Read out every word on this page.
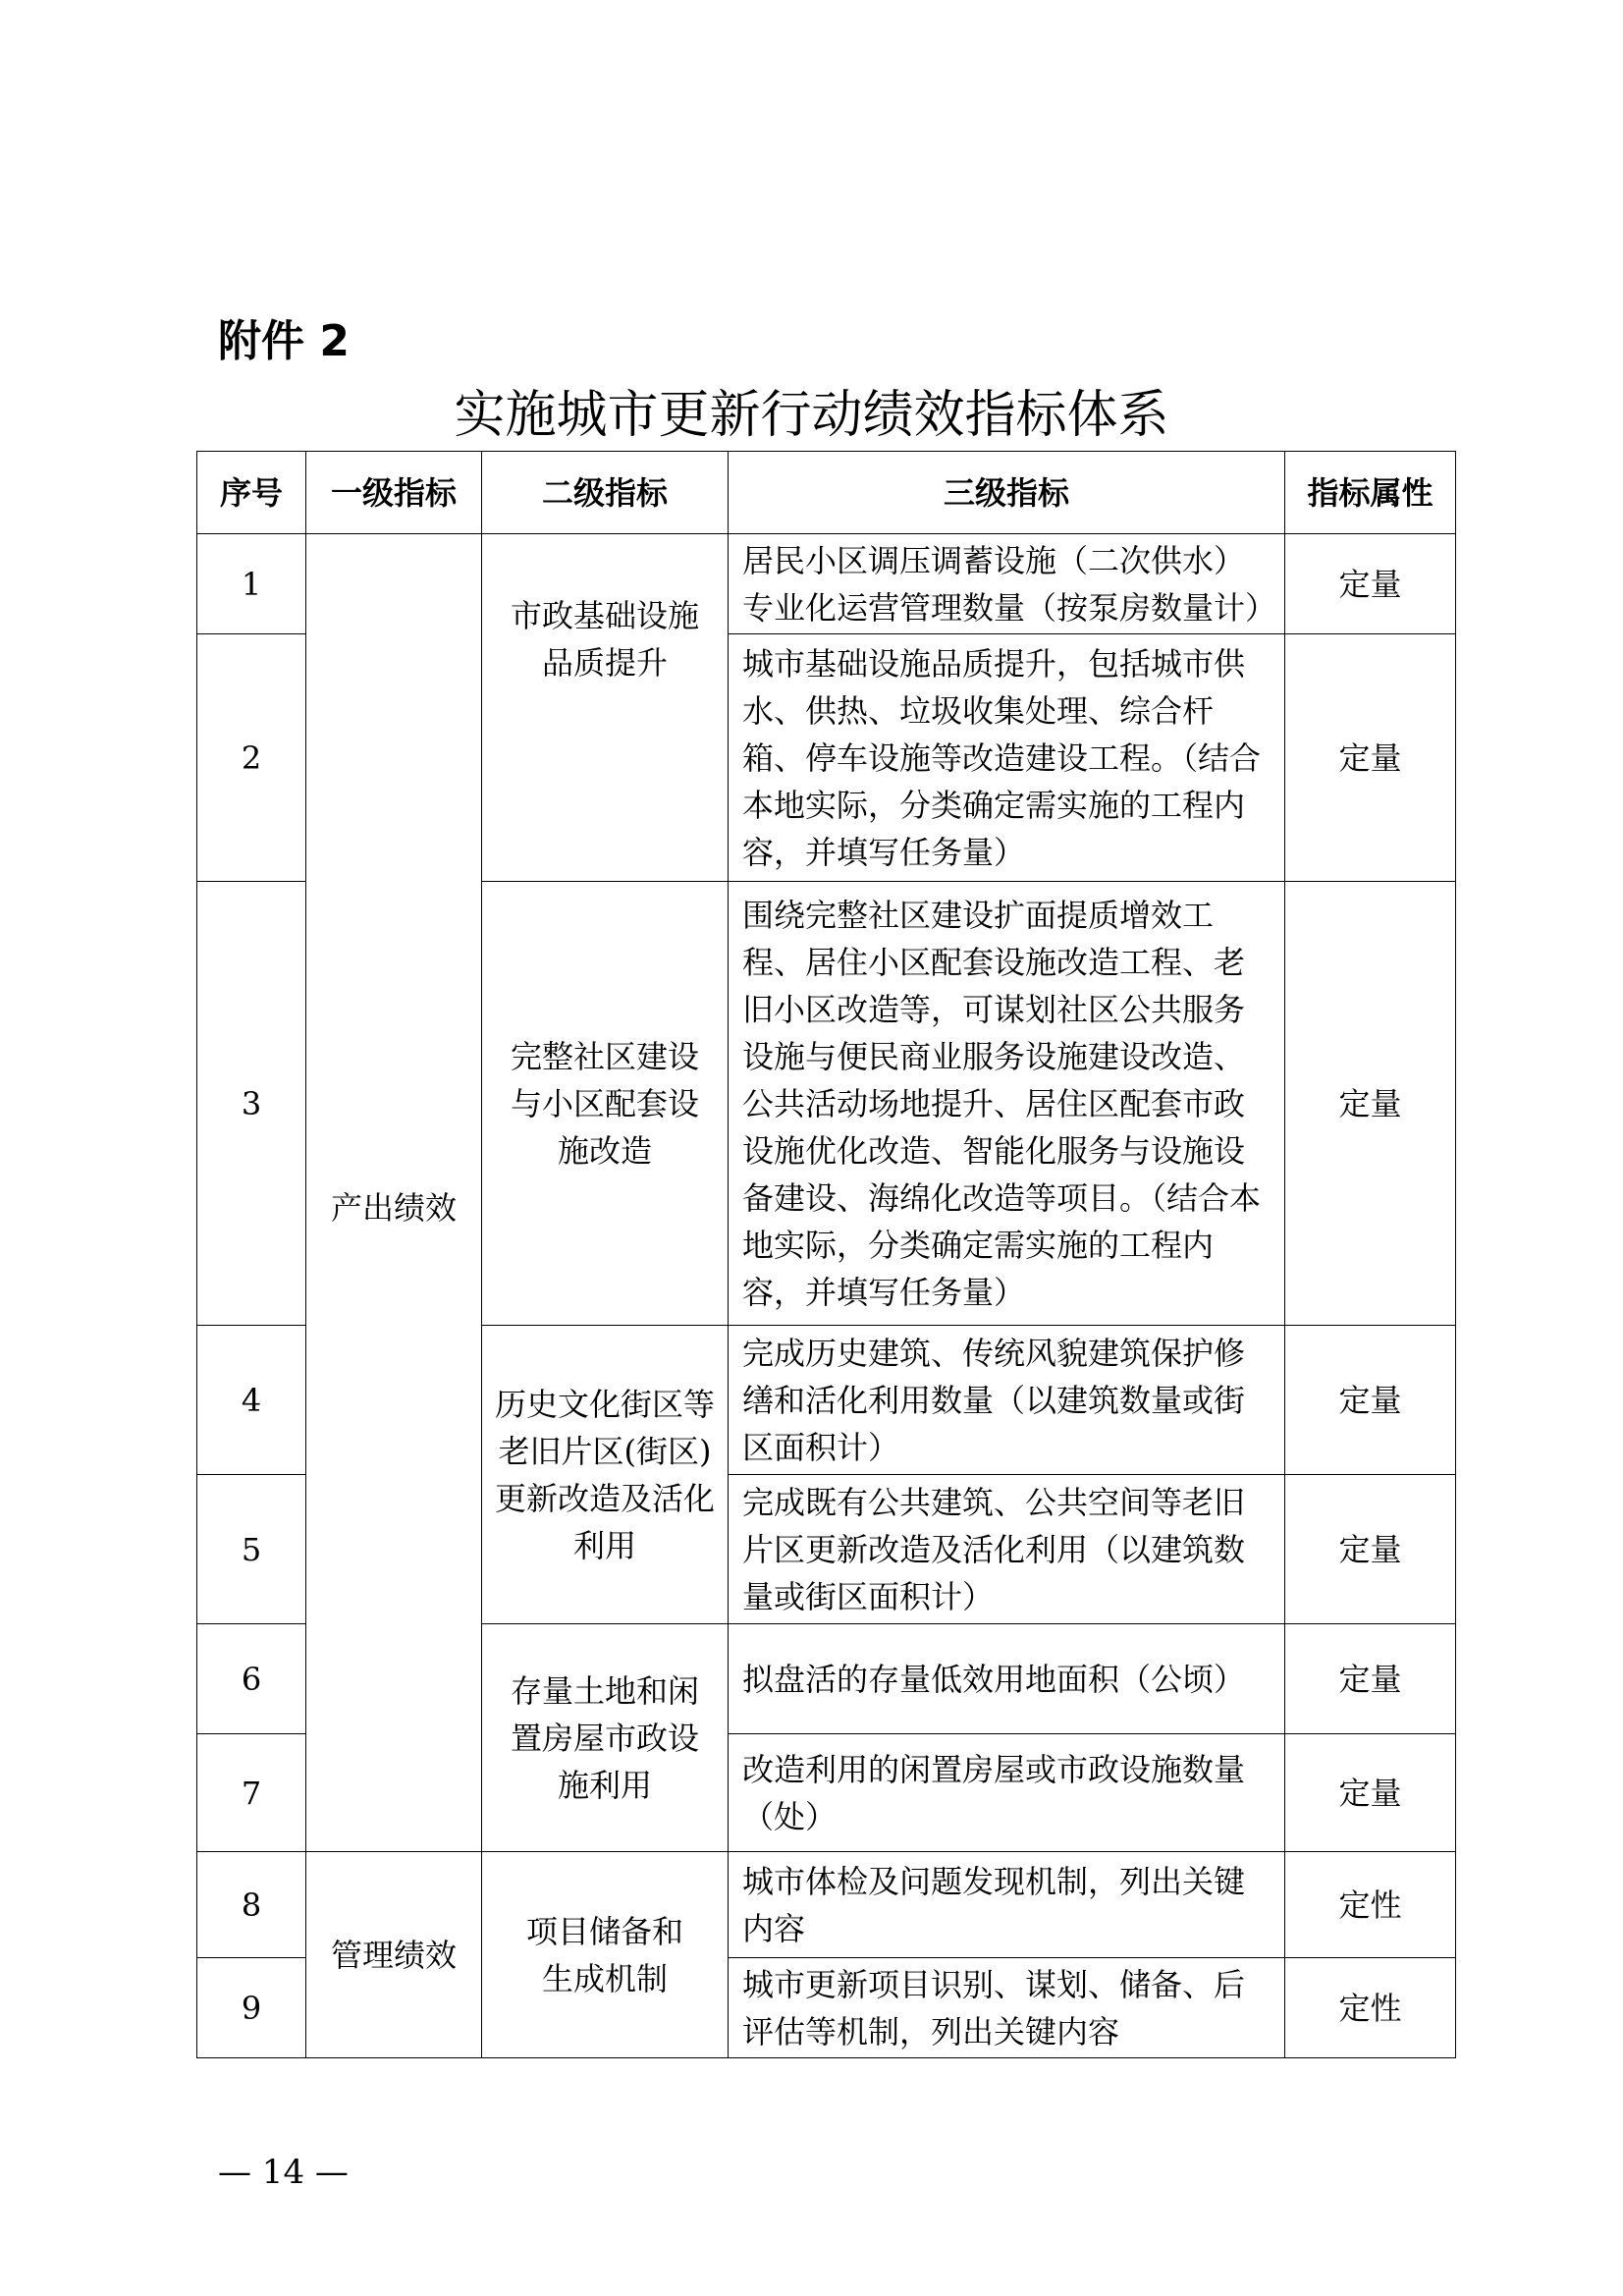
附件 2

实施城市更新行动绩效指标体系
序号	一级指标	二级指标	三级指标	指标属性
1	产出绩效	市政基础设施品质提升	居民小区调压调蓄设施（二次供水）专业化运营管理数量（按泵房数量计）	定量
2			城市基础设施品质提升，包括城市供水、供热、垃圾收集处理、综合杆箱、停车设施等改造建设工程。（结合本地实际，分类确定需实施的工程内容，并填写任务量）	定量
3		完整社区建设与小区配套设施改造	围绕完整社区建设扩面提质增效工程、居住小区配套设施改造工程、老旧小区改造等，可谋划社区公共服务设施与便民商业服务设施建设改造、公共活动场地提升、居住区配套市政设施优化改造、智能化服务与设施设备建设、海绵化改造等项目。（结合本地实际，分类确定需实施的工程内容，并填写任务量）	定量
4		历史文化街区等老旧片区(街区)更新改造及活化利用	完成历史建筑、传统风貌建筑保护修缮和活化利用数量（以建筑数量或街区面积计）	定量
5			完成既有公共建筑、公共空间等老旧片区更新改造及活化利用（以建筑数量或街区面积计）	定量
6		存量土地和闲置房屋市政设施利用	拟盘活的存量低效用地面积（公顷）	定量
7			改造利用的闲置房屋或市政设施数量（处）	定量
8	管理绩效	项目储备和生成机制	城市体检及问题发现机制，列出关键内容	定性
9			城市更新项目识别、谋划、储备、后评估等机制，列出关键内容	定性

— 14 —
